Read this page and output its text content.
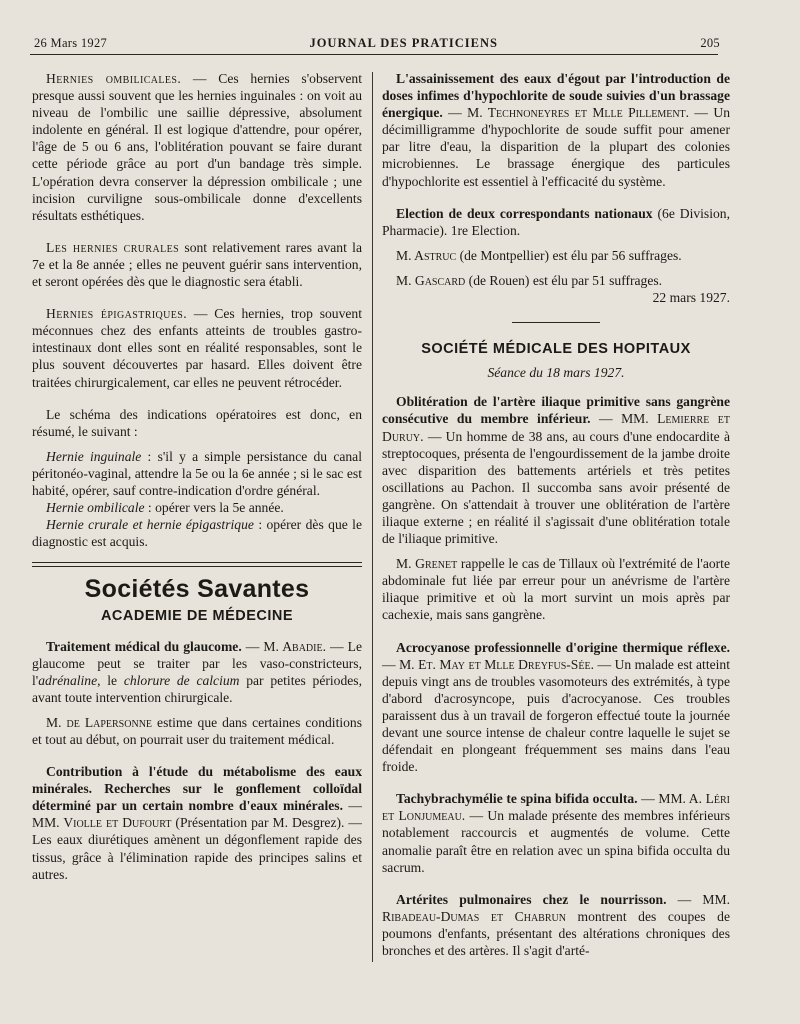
26 Mars 1927	JOURNAL DES PRATICIENS	205

Hernies ombilicales. — Ces hernies s'observent presque aussi souvent que les hernies inguinales : on voit au niveau de l'ombilic une saillie dépressive, absolument indolente en général. Il est logique d'attendre, pour opérer, l'âge de 5 ou 6 ans, l'oblitération pouvant se faire durant cette période grâce au port d'un bandage très simple. L'opération devra conserver la dépression ombilicale ; une incision curviligne sous-ombilicale donne d'excellents résultats esthétiques.

Les hernies crurales sont relativement rares avant la 7e et la 8e année ; elles ne peuvent guérir sans intervention, et seront opérées dès que le diagnostic sera établi.

Hernies épigastriques. — Ces hernies, trop souvent méconnues chez des enfants atteints de troubles gastro-intestinaux dont elles sont en réalité responsables, sont le plus souvent découvertes par hasard. Elles doivent être traitées chirurgicalement, car elles ne peuvent rétrocéder.

Le schéma des indications opératoires est donc, en résumé, le suivant :

Hernie inguinale : s'il y a simple persistance du canal péritonéo-vaginal, attendre la 5e ou la 6e année ; si le sac est habité, opérer, sauf contre-indication d'ordre général.

Hernie ombilicale : opérer vers la 5e année.

Hernie crurale et hernie épigastrique : opérer dès que le diagnostic est acquis.

Sociétés Savantes
ACADEMIE DE MÉDECINE

Traitement médical du glaucome. — M. Abadie. — Le glaucome peut se traiter par les vaso-constricteurs, l'adrénaline, le chlorure de calcium par petites périodes, avant toute intervention chirurgicale.

M. de Lapersonne estime que dans certaines conditions et tout au début, on pourrait user du traitement médical.

Contribution à l'étude du métabolisme des eaux minérales. Recherches sur le gonflement colloïdal déterminé par un certain nombre d'eaux minérales. — MM. Violle et Dufourt (Présentation par M. Desgrez). — Les eaux diurétiques amènent un dégonflement rapide des tissus, grâce à l'élimination rapide des principes salins et autres.

L'assainissement des eaux d'égout par l'introduction de doses infimes d'hypochlorite de soude suivies d'un brassage énergique. — M. Technoneyres et Mlle Pillement. — Un décimilligramme d'hypochlorite de soude suffit pour amener par litre d'eau, la disparition de la plupart des colonies microbiennes. Le brassage énergique des particules d'hypochlorite est essentiel à l'efficacité du système.

Election de deux correspondants nationaux (6e Division, Pharmacie). 1re Election.

M. Astruc (de Montpellier) est élu par 56 suffrages.

M. Gascard (de Rouen) est élu par 51 suffrages.

22 mars 1927.

SOCIÉTÉ MÉDICALE DES HOPITAUX

Séance du 18 mars 1927.

Oblitération de l'artère iliaque primitive sans gangrène consécutive du membre inférieur. — MM. Lemierre et Duruy. — Un homme de 38 ans, au cours d'une endocardite à streptocoques, présenta de l'engourdissement de la jambe droite avec disparition des battements artériels et très petites oscillations au Pachon. Il succomba sans avoir présenté de gangrène. On s'attendait à trouver une oblitération de l'artère iliaque externe ; en réalité il s'agissait d'une oblitération totale de l'iliaque primitive.

M. Grenet rappelle le cas de Tillaux où l'extrémité de l'aorte abdominale fut liée par erreur pour un anévrisme de l'artère iliaque primitive et où la mort survint un mois après par cachexie, mais sans gangrène.

Acrocyanose professionnelle d'origine thermique réflexe. — M. Et. May et Mlle Dreyfus-Sée. — Un malade est atteint depuis vingt ans de troubles vasomoteurs des extrémités, à type d'abord d'acrosyncope, puis d'acrocyanose. Ces troubles paraissent dus à un travail de forgeron effectué toute la journée devant une source intense de chaleur contre laquelle le sujet se défendait en plongeant fréquemment ses mains dans l'eau froide.

Tachybrachymélie te spina bifida occulta. — MM. A. Léri et Lonjumeau. — Un malade présente des membres inférieurs notablement raccourcis et augmentés de volume. Cette anomalie paraît être en relation avec un spina bifida occulta du sacrum.

Artérites pulmonaires chez le nourrisson. — MM. Ribadeau-Dumas et Chabrun montrent des coupes de poumons d'enfants, présentant des altérations chroniques des bronches et des artères. Il s'agit d'arté-
